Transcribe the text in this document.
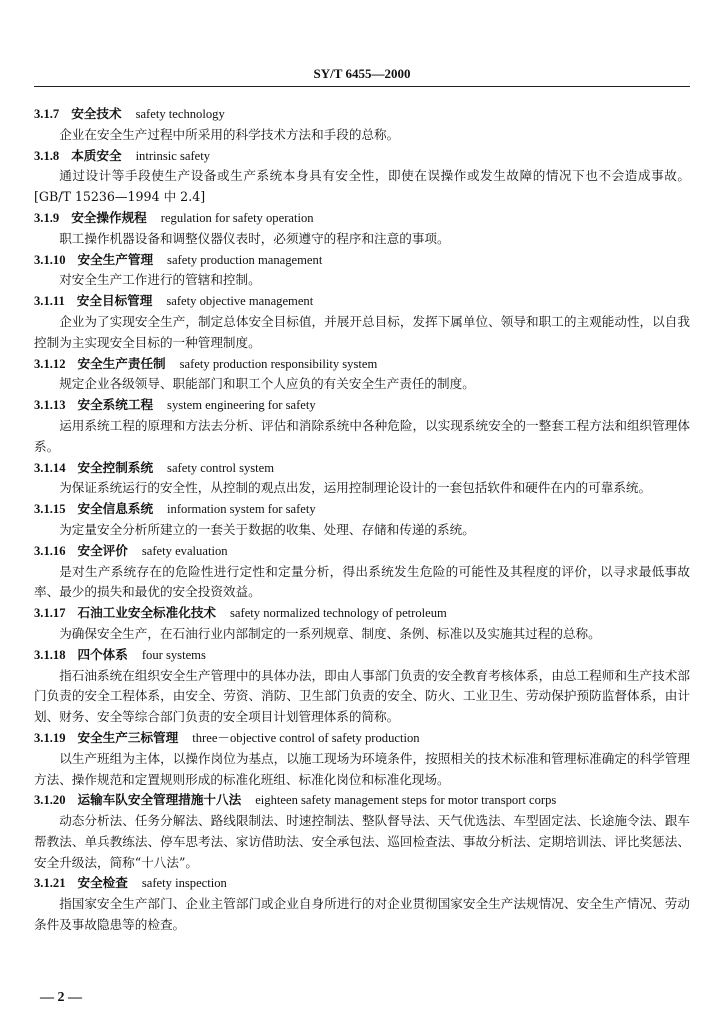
SY/T 6455—2000
3.1.7 安全技术 safety technology

企业在安全生产过程中所采用的科学技术方法和手段的总称。

3.1.8 本质安全 intrinsic safety

通过设计等手段使生产设备或生产系统本身具有安全性，即使在误操作或发生故障的情况下也不会造成事故。[GB/T 15236—1994 中 2.4]

3.1.9 安全操作规程 regulation for safety operation

职工操作机器设备和调整仪器仪表时，必须遵守的程序和注意的事项。

3.1.10 安全生产管理 safety production management

对安全生产工作进行的管辖和控制。

3.1.11 安全目标管理 safety objective management

企业为了实现安全生产，制定总体安全目标值，并展开总目标，发挥下属单位、领导和职工的主观能动性，以自我控制为主实现安全目标的一种管理制度。

3.1.12 安全生产责任制 safety production responsibility system

规定企业各级领导、职能部门和职工个人应负的有关安全生产责任的制度。

3.1.13 安全系统工程 system engineering for safety

运用系统工程的原理和方法去分析、评估和消除系统中各种危险，以实现系统安全的一整套工程方法和组织管理体系。

3.1.14 安全控制系统 safety control system

为保证系统运行的安全性，从控制的观点出发，运用控制理论设计的一套包括软件和硬件在内的可靠系统。

3.1.15 安全信息系统 information system for safety

为定量安全分析所建立的一套关于数据的收集、处理、存储和传递的系统。

3.1.16 安全评价 safety evaluation

是对生产系统存在的危险性进行定性和定量分析，得出系统发生危险的可能性及其程度的评价，以寻求最低事故率、最少的损失和最优的安全投资效益。

3.1.17 石油工业安全标准化技术 safety normalized technology of petroleum

为确保安全生产，在石油行业内部制定的一系列规章、制度、条例、标准以及实施其过程的总称。

3.1.18 四个体系 four systems

指石油系统在组织安全生产管理中的具体办法，即由人事部门负责的安全教育考核体系，由总工程师和生产技术部门负责的安全工程体系，由安全、劳资、消防、卫生部门负责的安全、防火、工业卫生、劳动保护预防监督体系，由计划、财务、安全等综合部门负责的安全项目计划管理体系的简称。

3.1.19 安全生产三标管理 three－objective control of safety production

以生产班组为主体，以操作岗位为基点，以施工现场为环境条件，按照相关的技术标准和管理标准确定的科学管理方法、操作规范和定置规则形成的标准化班组、标准化岗位和标准化现场。

3.1.20 运输车队安全管理措施十八法 eighteen safety management steps for motor transport corps

动态分析法、任务分解法、路线限制法、时速控制法、整队督导法、天气优选法、车型固定法、长途施令法、跟车帮教法、单兵教练法、停车思考法、家访借助法、安全承包法、巡回检查法、事故分析法、定期培训法、评比奖惩法、安全升级法，简称“十八法”。

3.1.21 安全检查 safety inspection

指国家安全生产部门、企业主管部门或企业自身所进行的对企业贯彻国家安全生产法规情况、安全生产情况、劳动条件及事故隐患等的检查。

— 2 —
